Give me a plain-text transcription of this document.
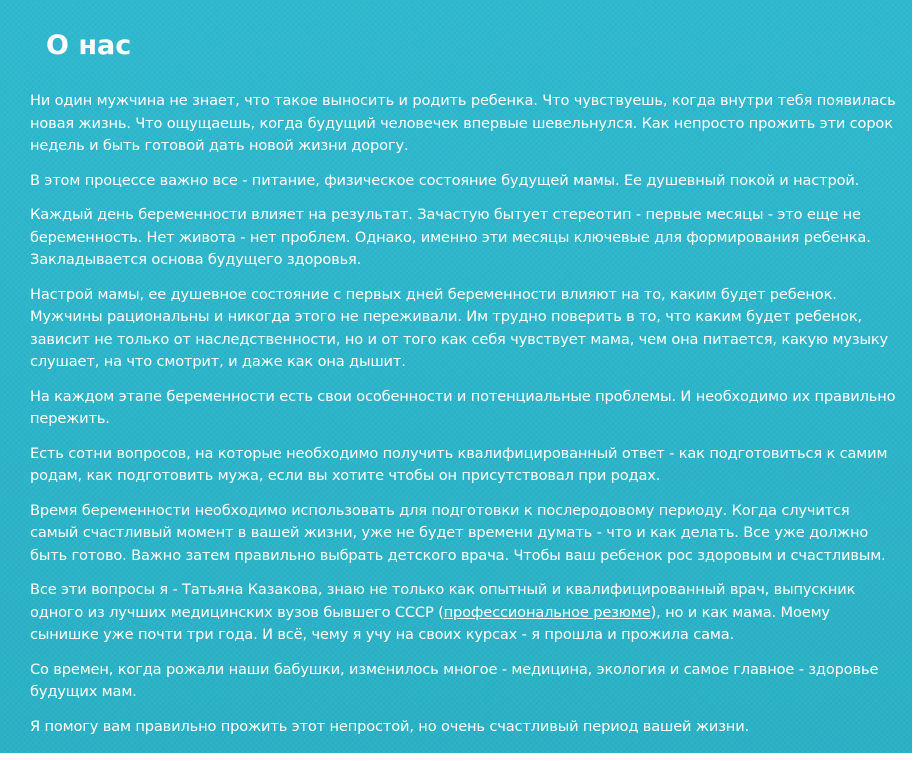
О нас

Ни один мужчина не знает, что такое выносить и родить ребенка. Что чувствуешь, когда внутри тебя появилась новая жизнь. Что ощущаешь, когда будущий человечек впервые шевельнулся. Как непросто прожить эти сорок недель и быть готовой дать новой жизни дорогу.

В этом процессе важно все - питание, физическое состояние будущей мамы. Ее душевный покой и настрой.

Каждый день беременности влияет на результат. Зачастую бытует стереотип - первые месяцы - это еще не беременность. Нет живота - нет проблем. Однако, именно эти месяцы ключевые для формирования ребенка. Закладывается основа будущего здоровья.

Настрой мамы, ее душевное состояние с первых дней беременности влияют на то, каким будет ребенок. Мужчины рациональны и никогда этого не переживали. Им трудно поверить в то, что каким будет ребенок, зависит не только от наследственности, но и от того как себя чувствует мама, чем она питается, какую музыку слушает, на что смотрит, и даже как она дышит.

На каждом этапе беременности есть свои особенности и потенциальные проблемы. И необходимо их правильно пережить.

Есть сотни вопросов, на которые необходимо получить квалифицированный ответ - как подготовиться к самим родам, как подготовить мужа, если вы хотите чтобы он присутствовал при родах.

Время беременности необходимо использовать для подготовки к послеродовому периоду. Когда случится самый счастливый момент в вашей жизни, уже не будет времени думать - что и как делать. Все уже должно быть готово. Важно затем правильно выбрать детского врача. Чтобы ваш ребенок рос здоровым и счастливым.

Все эти вопросы я - Татьяна Казакова, знаю не только как опытный и квалифицированный врач, выпускник одного из лучших медицинских вузов бывшего СССР (профессиональное резюме), но и как мама. Моему сынишке уже почти три года. И всё, чему я учу на своих курсах - я прошла и прожила сама.

Со времен, когда рожали наши бабушки, изменилось многое - медицина, экология и самое главное - здоровье будущих мам.

Я помогу вам правильно прожить этот непростой, но очень счастливый период вашей жизни.
